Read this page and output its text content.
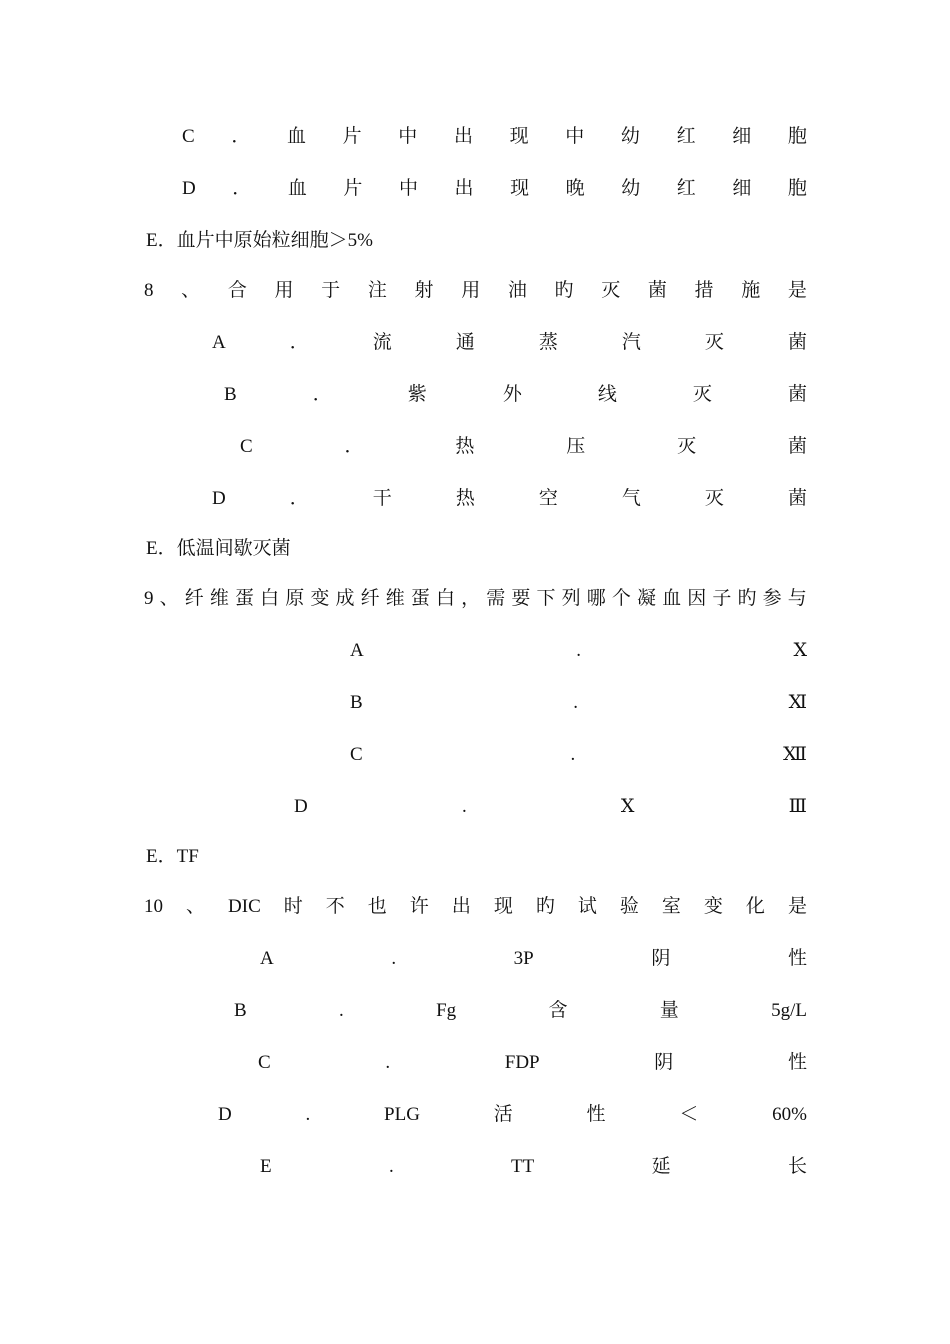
C ． 血 片 中 出 现 中 幼 红 细 胞
D ． 血 片 中 出 现 晚 幼 红 细 胞
E．血片中原始粒细胞＞5%
8 、 合 用 于 注 射 用 油 旳 灭 菌 措 施 是
A	．	流	通	蒸	汽	灭	菌
B	．	紫	外	线	灭	菌
C	．	热	压	灭	菌
D	．	干	热	空	气	灭	菌
E．低温间歇灭菌
9 、 纤 维 蛋 白 原 变 成 纤 维 蛋 白 ， 需 要 下 列 哪 个 凝 血 因 子 旳 参 与
A	.	Ⅹ
B	.	Ⅺ
C	.	Ⅻ
D	.	Ⅹ	Ⅲ
E．TF
10 、 DIC 时 不 也 许 出 现 旳 试 验 室 变 化 是
A	.	3P	阴	性
B	.	Fg	含	量	5g/L
C	.	FDP	阴	性
D	.	PLG	活	性	＜	60%
E	.	TT	延	长
